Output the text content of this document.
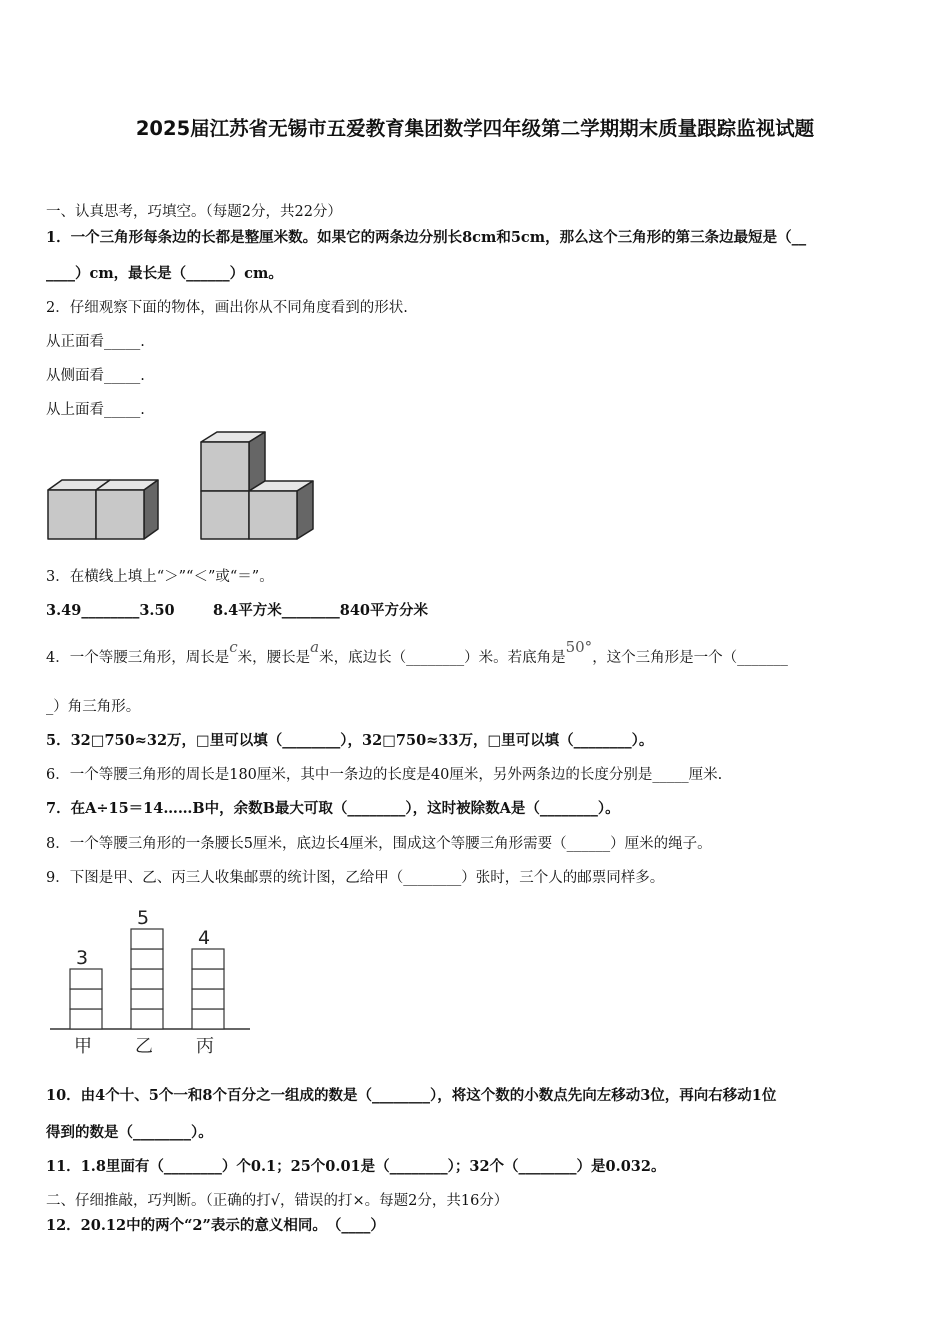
2025届江苏省无锡市五爱教育集团数学四年级第二学期期末质量跟踪监视试题
一、认真思考，巧填空。（每题2分，共22分）
1．一个三角形每条边的长都是整厘米数。如果它的两条边分别长8cm和5cm，那么这个三角形的第三条边最短是（__
____）cm，最长是（______）cm。
2．仔细观察下面的物体，画出你从不同角度看到的形状.
从正面看_____.
从侧面看_____.
从上面看_____.
3．在横线上填上“＞”“＜”或“＝”。
3.49________3.50	8.4平方米________840平方分米
4．一个等腰三角形，周长是c米，腰长是a米，底边长（________）米。若底角是50°，这个三角形是一个（_______
_）角三角形。
5．32□750≈32万，□里可以填（________），32□750≈33万，□里可以填（________）。
6．一个等腰三角形的周长是180厘米，其中一条边的长度是40厘米，另外两条边的长度分别是_____厘米.
7．在A÷15＝14……B中，余数B最大可取（________），这时被除数A是（________）。
8．一个等腰三角形的一条腰长5厘米，底边长4厘米，围成这个等腰三角形需要（______）厘米的绳子。
9．下图是甲、乙、丙三人收集邮票的统计图，乙给甲（________）张时，三个人的邮票同样多。
3
甲
5
乙
4
丙
10．由4个十、5个一和8个百分之一组成的数是（________），将这个数的小数点先向左移动3位，再向右移动1位
得到的数是（________）。
11．1.8里面有（________）个0.1；25个0.01是（________）；32个（________）是0.032。
二、仔细推敲，巧判断。（正确的打√，错误的打×。每题2分，共16分）
12．20.12中的两个“2”表示的意义相同。　（____）
